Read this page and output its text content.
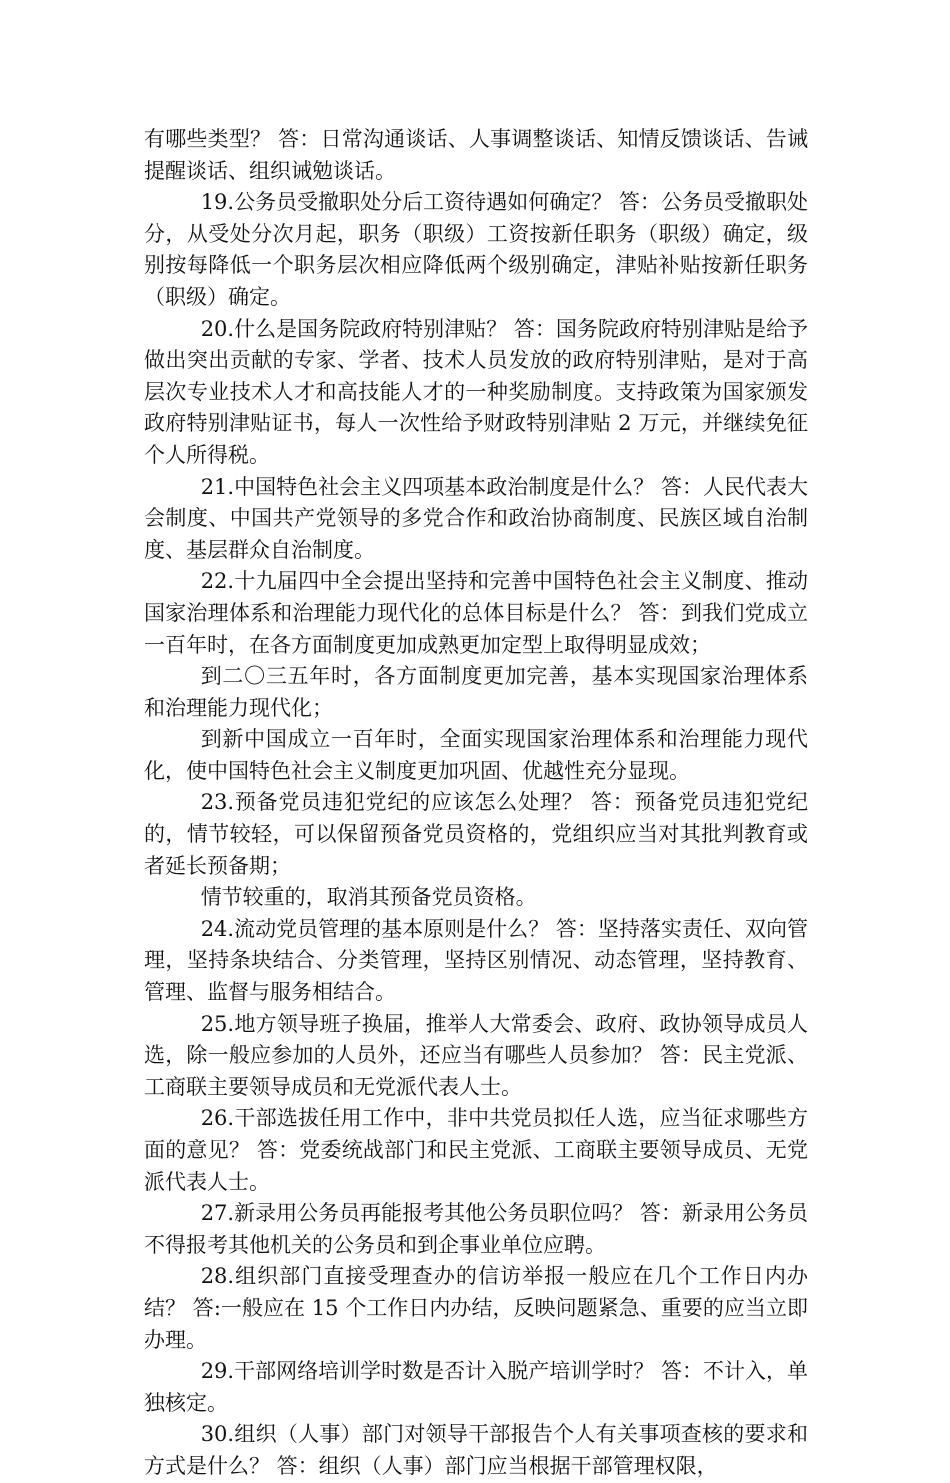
有哪些类型？ 答：日常沟通谈话、人事调整谈话、知情反馈谈话、告诫提醒谈话、组织诫勉谈话。

19.公务员受撤职处分后工资待遇如何确定？ 答：公务员受撤职处分，从受处分次月起，职务（职级）工资按新任职务（职级）确定，级别按每降低一个职务层次相应降低两个级别确定，津贴补贴按新任职务（职级）确定。

20.什么是国务院政府特别津贴？ 答：国务院政府特别津贴是给予做出突出贡献的专家、学者、技术人员发放的政府特别津贴，是对于高层次专业技术人才和高技能人才的一种奖励制度。支持政策为国家颁发政府特别津贴证书，每人一次性给予财政特别津贴 2 万元，并继续免征个人所得税。

21.中国特色社会主义四项基本政治制度是什么？ 答：人民代表大会制度、中国共产党领导的多党合作和政治协商制度、民族区域自治制度、基层群众自治制度。

22.十九届四中全会提出坚持和完善中国特色社会主义制度、推动国家治理体系和治理能力现代化的总体目标是什么？ 答：到我们党成立一百年时，在各方面制度更加成熟更加定型上取得明显成效；

到二〇三五年时，各方面制度更加完善，基本实现国家治理体系和治理能力现代化；

到新中国成立一百年时，全面实现国家治理体系和治理能力现代化，使中国特色社会主义制度更加巩固、优越性充分显现。

23.预备党员违犯党纪的应该怎么处理？ 答：预备党员违犯党纪的，情节较轻，可以保留预备党员资格的，党组织应当对其批判教育或者延长预备期；

情节较重的，取消其预备党员资格。

24.流动党员管理的基本原则是什么？ 答：坚持落实责任、双向管理，坚持条块结合、分类管理，坚持区别情况、动态管理，坚持教育、管理、监督与服务相结合。

25.地方领导班子换届，推举人大常委会、政府、政协领导成员人选，除一般应参加的人员外，还应当有哪些人员参加？ 答：民主党派、工商联主要领导成员和无党派代表人士。

26.干部选拔任用工作中，非中共党员拟任人选，应当征求哪些方面的意见？ 答：党委统战部门和民主党派、工商联主要领导成员、无党派代表人士。

27.新录用公务员再能报考其他公务员职位吗？ 答：新录用公务员不得报考其他机关的公务员和到企事业单位应聘。

28.组织部门直接受理查办的信访举报一般应在几个工作日内办结？ 答:一般应在 15 个工作日内办结，反映问题紧急、重要的应当立即办理。

29.干部网络培训学时数是否计入脱产培训学时？ 答：不计入，单独核定。

30.组织（人事）部门对领导干部报告个人有关事项查核的要求和方式是什么？ 答：组织（人事）部门应当根据干部管理权限，
